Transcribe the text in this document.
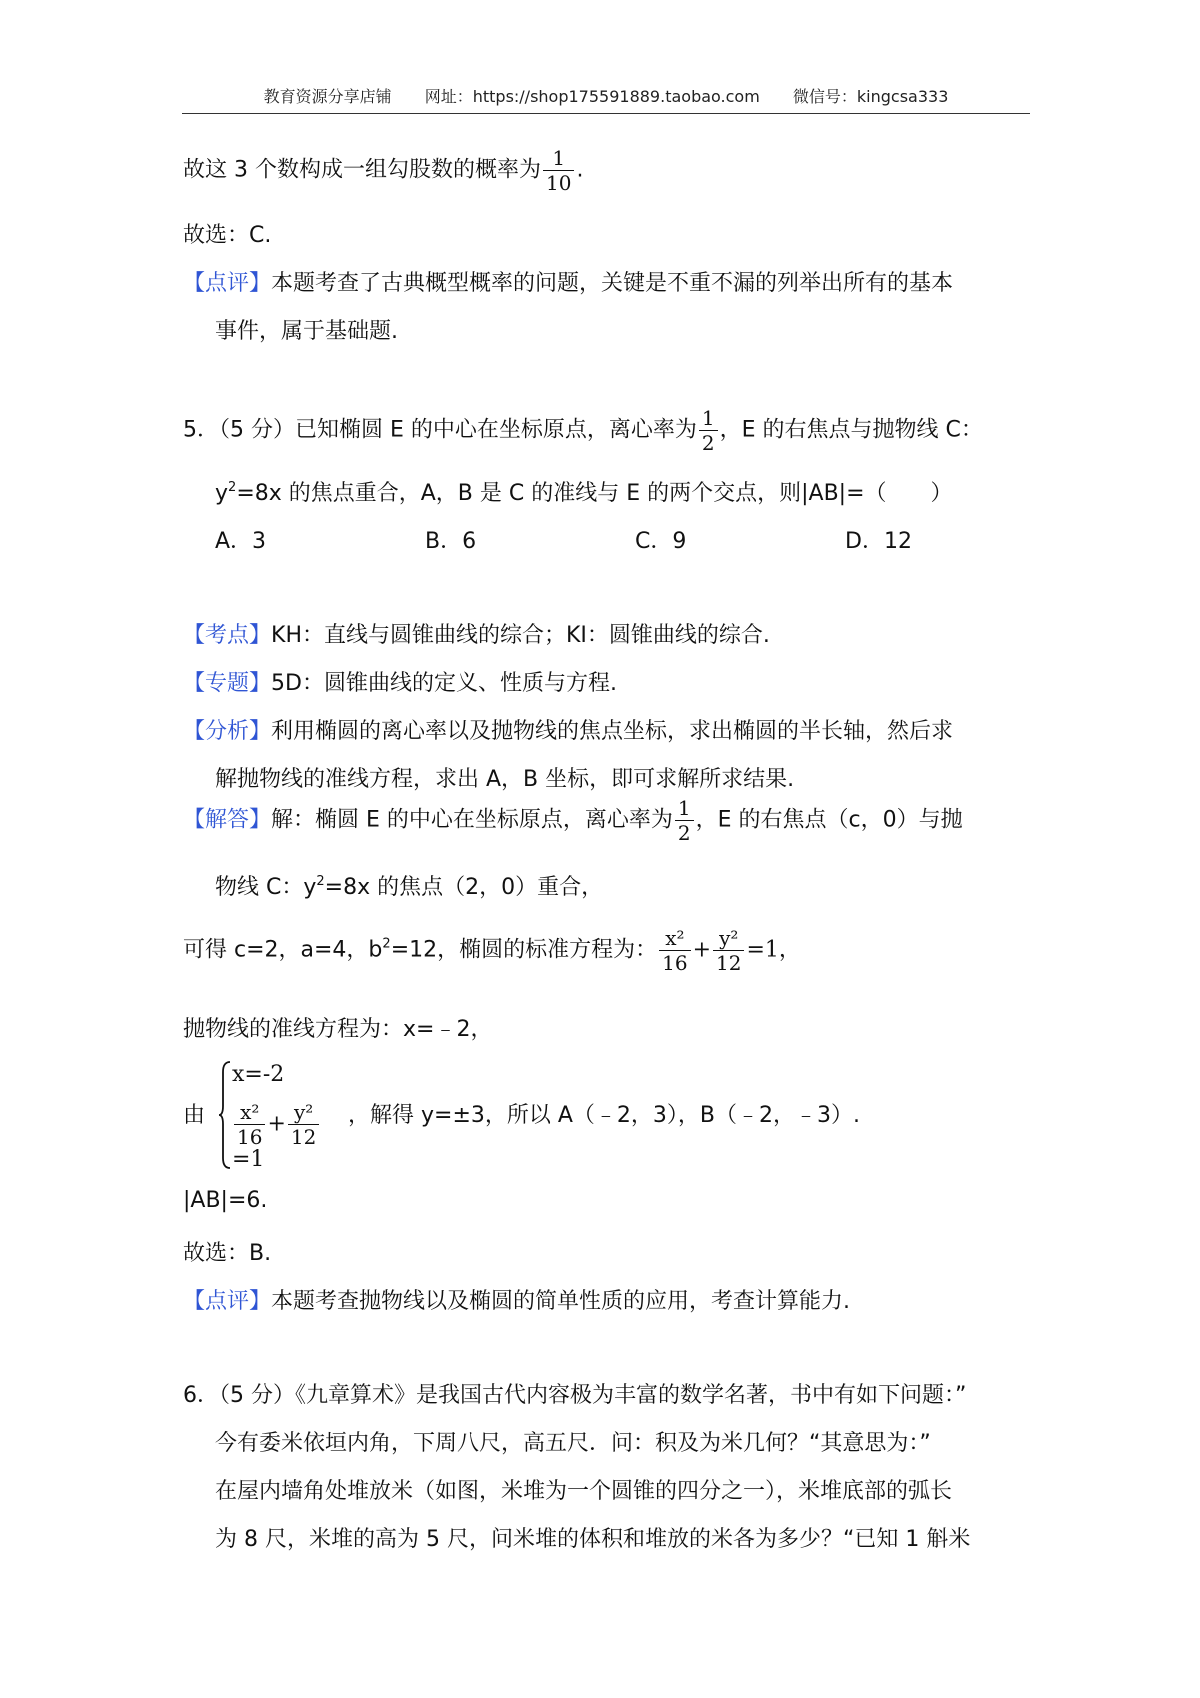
教育资源分享店铺 网址：https://shop175591889.taobao.com 微信号：kingcsa333
故这 3 个数构成一组勾股数的概率为 $\frac{1}{10}$ .
故选：C.
【点评】本题考查了古典概型概率的问题，关键是不重不漏的列举出所有的基本
事件，属于基础题.
5．（5 分）已知椭圆 E 的中心在坐标原点，离心率为 $\frac{1}{2}$ ，E 的右焦点与抛物线 C：
$y^2=8x$ 的焦点重合，A，B 是 C 的准线与 E 的两个交点，则|AB|=（　　）
A．3	B．6	C．9	D．12
【考点】KH：直线与圆锥曲线的综合；KI：圆锥曲线的综合.
【专题】5D：圆锥曲线的定义、性质与方程.
【分析】利用椭圆的离心率以及抛物线的焦点坐标，求出椭圆的半长轴，然后求
解抛物线的准线方程，求出 A，B 坐标，即可求解所求结果.
【解答】解：椭圆 E 的中心在坐标原点，离心率为 $\frac{1}{2}$ ，E 的右焦点（c，0）与抛
物线 C：$y^2=8x$ 的焦点（2，0）重合，
可得 c=2，a=4，$b^2=12$，椭圆的标准方程为： $\frac{\text{x²}}{16} + \frac{\text{y²}}{12} =1$，
抛物线的准线方程为：x=﹣2，
由
x=-2
$\frac{\text{x²}}{16} + \frac{\text{y²}}{12}$
=1
，解得 y=±3，所以 A（﹣2，3），B（﹣2，﹣3）.
|AB|=6.
故选：B.
【点评】本题考查抛物线以及椭圆的简单性质的应用，考查计算能力.
6．（5 分）《九章算术》是我国古代内容极为丰富的数学名著，书中有如下问题：”
今有委米依垣内角，下周八尺，高五尺．问：积及为米几何？“其意思为：”
在屋内墙角处堆放米（如图，米堆为一个圆锥的四分之一），米堆底部的弧长
为 8 尺，米堆的高为 5 尺，问米堆的体积和堆放的米各为多少？“已知 1 斛米
